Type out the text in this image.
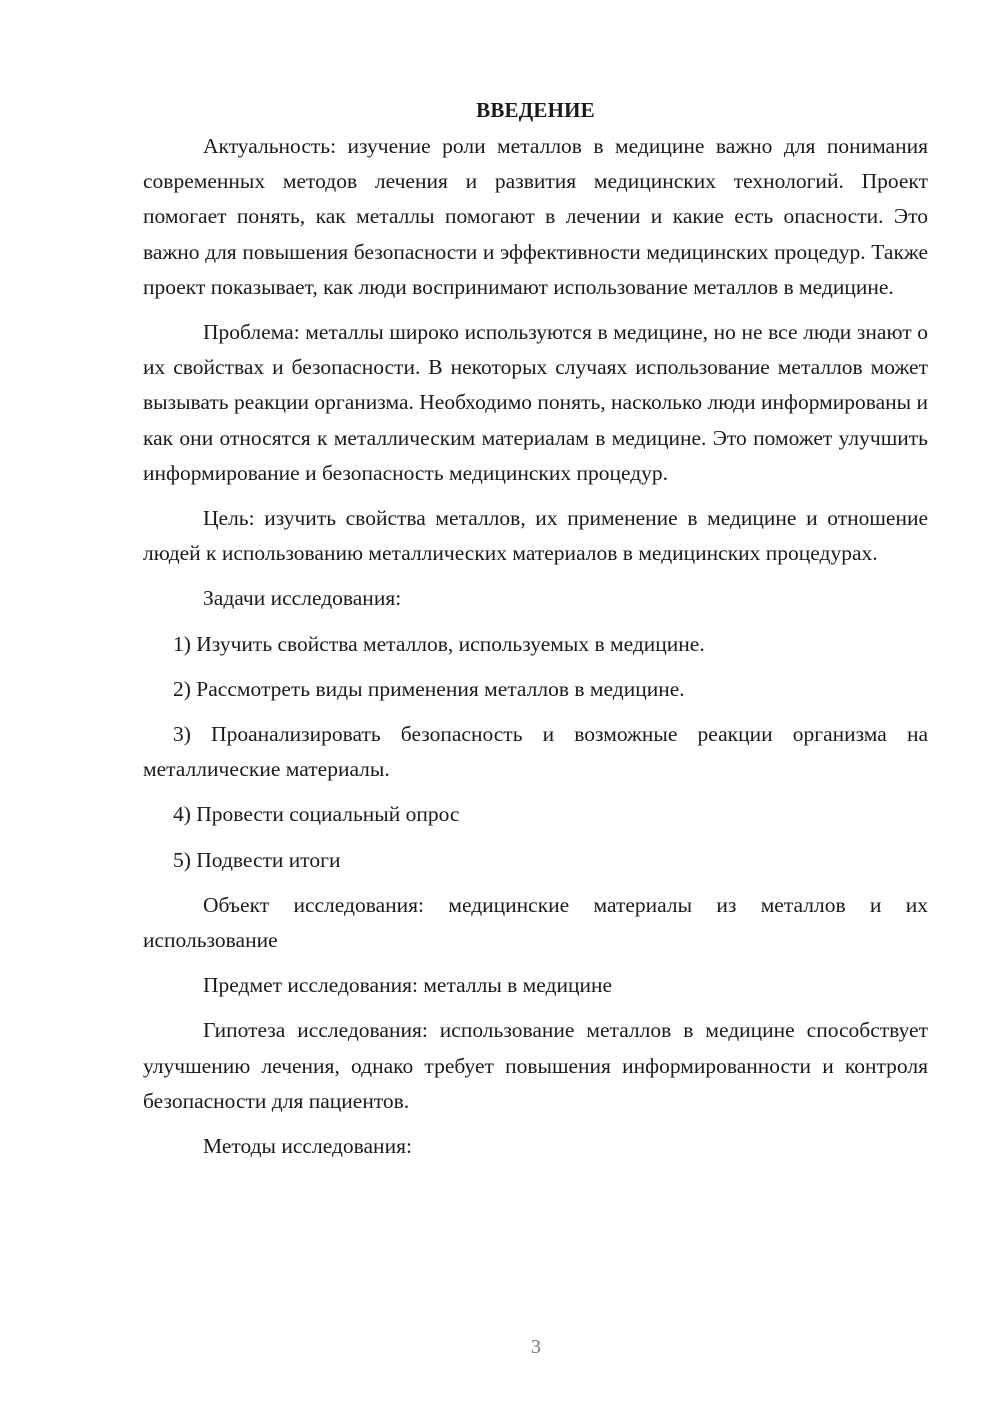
ВВЕДЕНИЕ

Актуальность: изучение роли металлов в медицине важно для понимания современных методов лечения и развития медицинских технологий. Проект помогает понять, как металлы помогают в лечении и какие есть опасности. Это важно для повышения безопасности и эффективности медицинских процедур. Также проект показывает, как люди воспринимают использование металлов в медицине.

Проблема: металлы широко используются в медицине, но не все люди знают о их свойствах и безопасности. В некоторых случаях использование металлов может вызывать реакции организма. Необходимо понять, насколько люди информированы и как они относятся к металлическим материалам в медицине. Это поможет улучшить информирование и безопасность медицинских процедур.

Цель: изучить свойства металлов, их применение в медицине и отношение людей к использованию металлических материалов в медицинских процедурах.

Задачи исследования:

1) Изучить свойства металлов, используемых в медицине.

2) Рассмотреть виды применения металлов в медицине.

3) Проанализировать безопасность и возможные реакции организма на металлические материалы.

4) Провести социальный опрос

5) Подвести итоги

Объект исследования: медицинские материалы из металлов и их использование

Предмет исследования: металлы в медицине

Гипотеза исследования: использование металлов в медицине способствует улучшению лечения, однако требует повышения информированности и контроля безопасности для пациентов.

Методы исследования:

3
